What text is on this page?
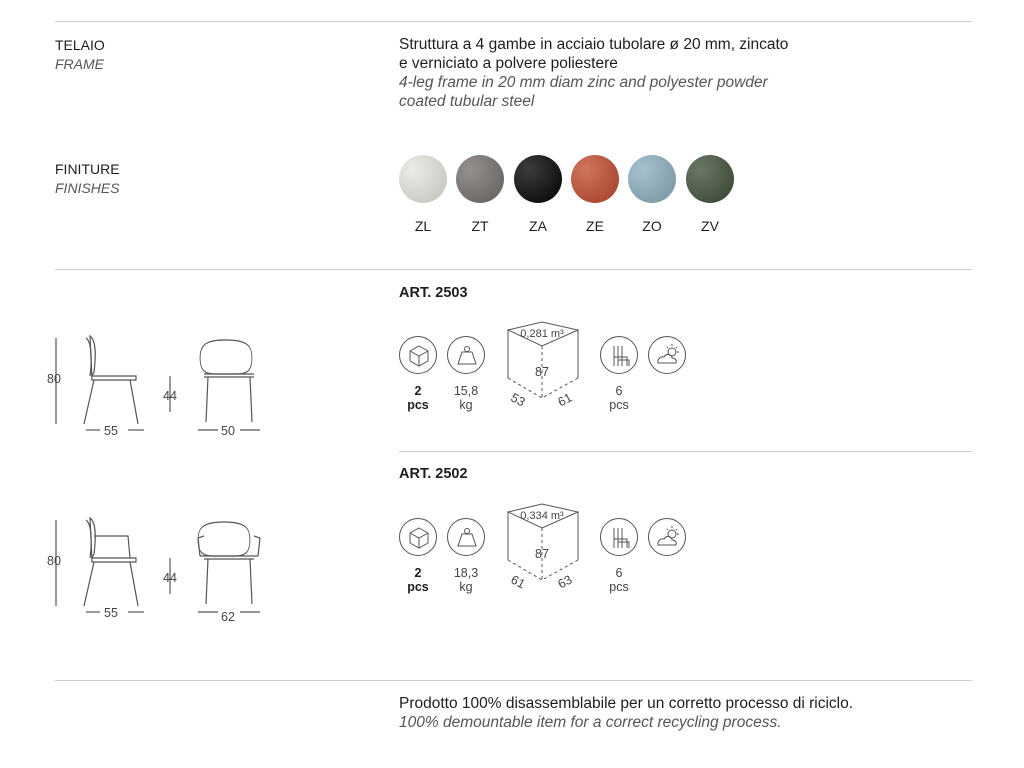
TELAIO
FRAME
Struttura a 4 gambe in acciaio tubolare ø 20 mm, zincato
e verniciato a polvere poliestere
4-leg frame in 20 mm diam zinc and polyester powder
coated tubular steel
FINITURE
FINISHES
ZL	ZT	ZA	ZE	ZO	ZV
ART. 2503
80
55
44
50
2
pcs
15,8
kg
0,281 m³
87
53 61	6
pcs
ART. 2502
80
55
44
62
2
pcs
18,3
kg
0,334 m³
87
61 63	6
pcs
Prodotto 100% disassemblabile per un corretto processo di riciclo.
100% demountable item for a correct recycling process.
